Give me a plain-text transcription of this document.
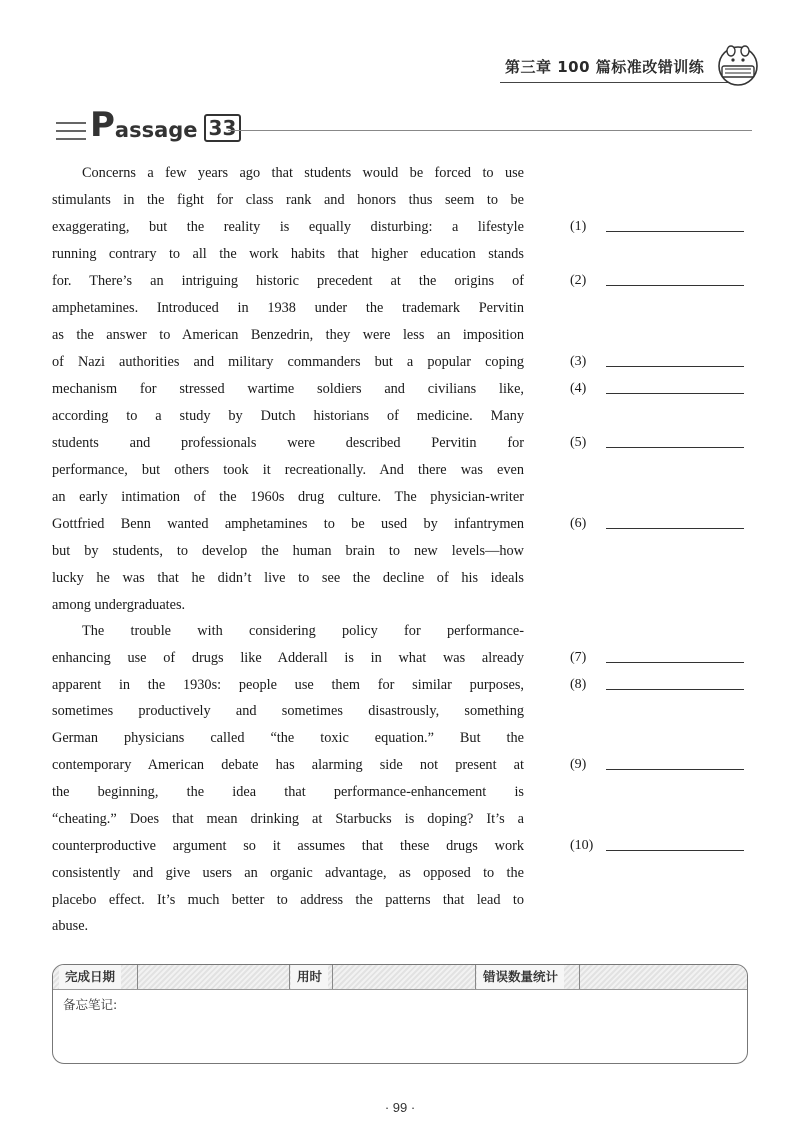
第三章 100 篇标准改错训练
P assage 33
Concerns a few years ago that students would be forced to use
stimulants in the fight for class rank and honors thus seem to be
exaggerating, but the reality is equally disturbing: a lifestyle
running contrary to all the work habits that higher education stands
for. There’s an intriguing historic precedent at the origins of
amphetamines. Introduced in 1938 under the trademark Pervitin
as the answer to American Benzedrin, they were less an imposition
of Nazi authorities and military commanders but a popular coping
mechanism for stressed wartime soldiers and civilians like,
according to a study by Dutch historians of medicine. Many
students and professionals were described Pervitin for
performance, but others took it recreationally. And there was even
an early intimation of the 1960s drug culture. The physician-writer
Gottfried Benn wanted amphetamines to be used by infantrymen
but by students, to develop the human brain to new levels—how
lucky he was that he didn’t live to see the decline of his ideals
among undergraduates.
The trouble with considering policy for performance-
enhancing use of drugs like Adderall is in what was already
apparent in the 1930s: people use them for similar purposes,
sometimes productively and sometimes disastrously, something
German physicians called “the toxic equation.” But the
contemporary American debate has alarming side not present at
the beginning, the idea that performance-enhancement is
“cheating.” Does that mean drinking at Starbucks is doping? It’s a
counterproductive argument so it assumes that these drugs work
consistently and give users an organic advantage, as opposed to the
placebo effect. It’s much better to address the patterns that lead to
abuse.
(1)
(2)
(3)
(4)
(5)
(6)
(7)
(8)
(9)
(10)
完成日期	用时	错误数量统计
备忘笔记:
· 99 ·
